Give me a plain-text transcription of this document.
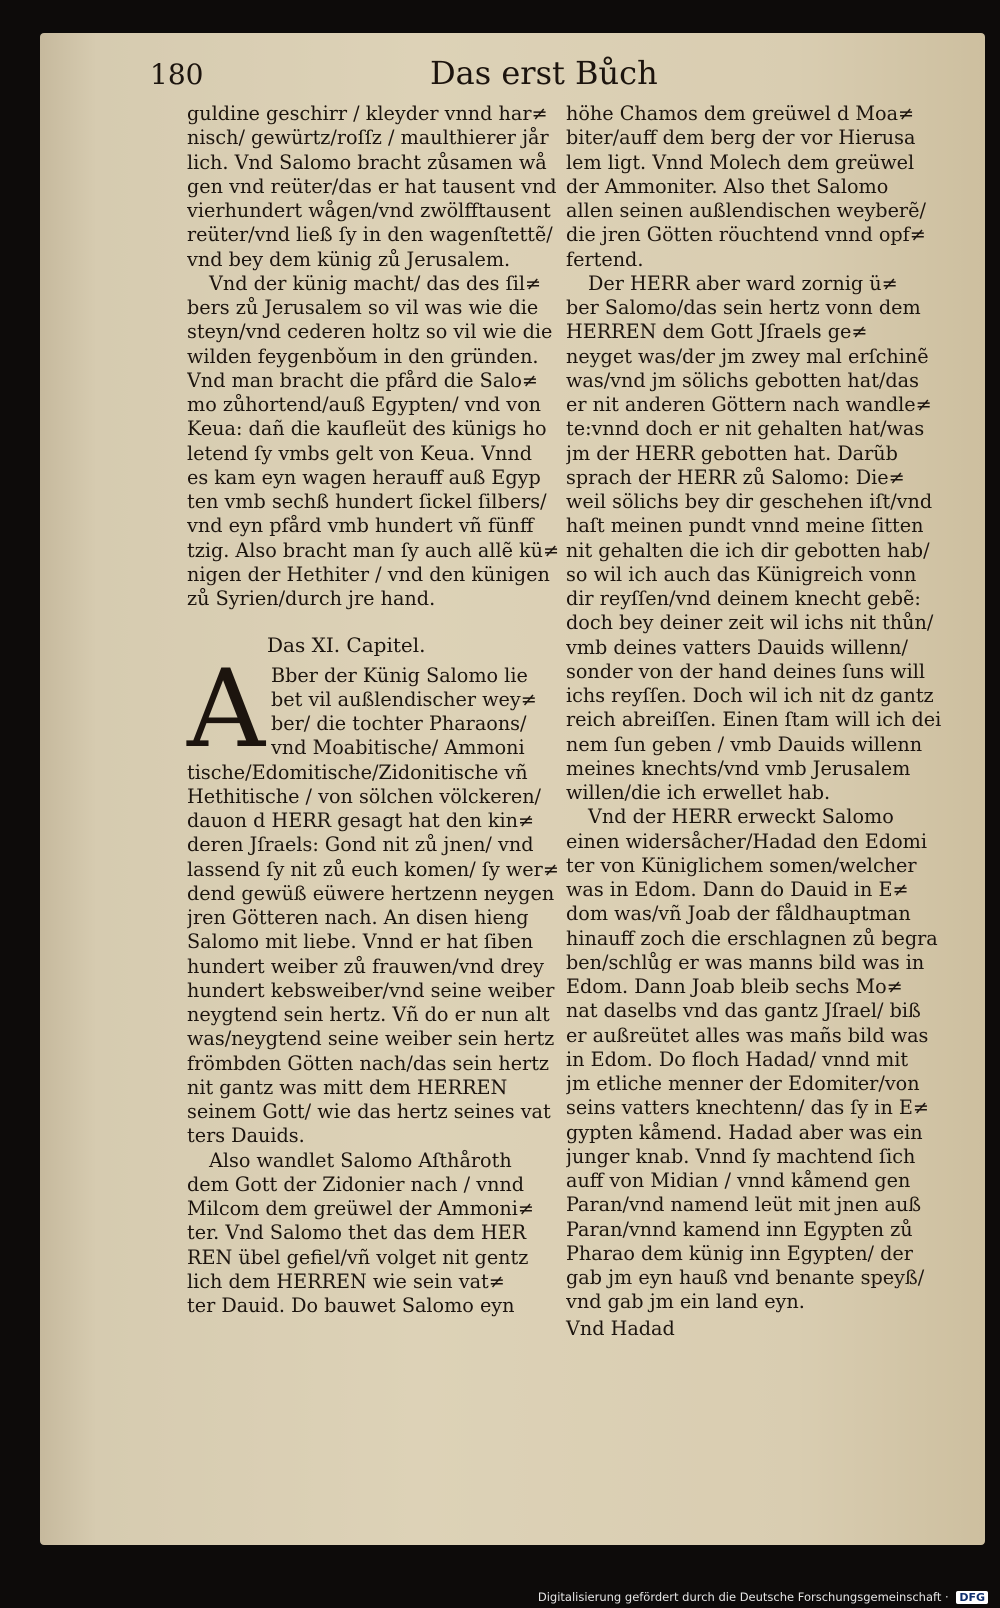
180	Das erst Bůch

guldine geschirr / kleyder vnnd har≠
nisch/ gewürtz/roſſz / maulthierer jår
lich. Vnd Salomo bracht zůsamen wå
gen vnd reüter/das er hat tausent vnd
vierhundert wågen/vnd zwölfftausent
reüter/vnd ließ ſy in den wagenſtettẽ/
vnd bey dem künig zů Jerusalem.

Vnd der künig macht/ das des ſil≠
bers zů Jerusalem so vil was wie die
steyn/vnd cederen holtz so vil wie die
wilden feygenbǒum in den gründen.
Vnd man bracht die pfård die Salo≠
mo zůhortend/auß Egypten/ vnd von
Keua: dañ die kaufleüt des künigs ho
letend ſy vmbs gelt von Keua. Vnnd
es kam eyn wagen herauff auß Egyp
ten vmb sechß hundert ſickel ſilbers/
vnd eyn pfård vmb hundert vñ fünff
tzig. Also bracht man ſy auch allẽ kü≠
nigen der Hethiter / vnd den künigen
zů Syrien/durch jre hand.

Das XI. Capitel.

A Bber der Künig Salomo lie
bet vil außlendischer wey≠
ber/ die tochter Pharaons/
vnd Moabitische/ Ammoni

tische/Edomitische/Zidonitische vñ
Hethitische / von sölchen völckeren/
dauon d HERR gesagt hat den kin≠
deren Jſraels: Gond nit zů jnen/ vnd
lassend ſy nit zů euch komen/ ſy wer≠
dend gewüß eüwere hertzenn neygen
jren Götteren nach. An disen hieng
Salomo mit liebe. Vnnd er hat ſiben
hundert weiber zů frauwen/vnd drey
hundert kebsweiber/vnd seine weiber
neygtend sein hertz. Vñ do er nun alt
was/neygtend seine weiber sein hertz
frömbden Götten nach/das sein hertz
nit gantz was mitt dem HERREN
seinem Gott/ wie das hertz seines vat
ters Dauids.

Also wandlet Salomo Aſthåroth
dem Gott der Zidonier nach / vnnd
Milcom dem greüwel der Ammoni≠
ter. Vnd Salomo thet das dem HER
REN übel gefiel/vñ volget nit gentz
lich dem HERREN wie sein vat≠
ter Dauid. Do bauwet Salomo eyn

höhe Chamos dem greüwel d Moa≠
biter/auff dem berg der vor Hierusa
lem ligt. Vnnd Molech dem greüwel
der Ammoniter. Also thet Salomo
allen seinen außlendischen weyberẽ/
die jren Götten röuchtend vnnd opf≠
fertend.

Der HERR aber ward zornig ü≠
ber Salomo/das sein hertz vonn dem
HERREN dem Gott Jſraels ge≠
neyget was/der jm zwey mal erſchinẽ
was/vnd jm sölichs gebotten hat/das
er nit anderen Göttern nach wandle≠
te:vnnd doch er nit gehalten hat/was
jm der HERR gebotten hat. Darũb
sprach der HERR zů Salomo: Die≠
weil sölichs bey dir geschehen iſt/vnd
haſt meinen pundt vnnd meine ſitten
nit gehalten die ich dir gebotten hab/
so wil ich auch das Künigreich vonn
dir reyſſen/vnd deinem knecht gebẽ:
doch bey deiner zeit wil ichs nit thůn/
vmb deines vatters Dauids willenn/
sonder von der hand deines ſuns will
ichs reyſſen. Doch wil ich nit dz gantz
reich abreiſſen. Einen ſtam will ich dei
nem ſun geben / vmb Dauids willenn
meines knechts/vnd vmb Jerusalem
willen/die ich erwellet hab.

Vnd der HERR erweckt Salomo
einen widersåcher/Hadad den Edomi
ter von Küniglichem somen/welcher
was in Edom. Dann do Dauid in E≠
dom was/vñ Joab der fåldhauptman
hinauff zoch die erschlagnen zů begra
ben/schlůg er was manns bild was in
Edom. Dann Joab bleib sechs Mo≠
nat daselbs vnd das gantz Jſrael/ biß
er außreütet alles was mañs bild was
in Edom. Do floch Hadad/ vnnd mit
jm etliche menner der Edomiter/von
seins vatters knechtenn/ das ſy in E≠
gypten kåmend. Hadad aber was ein
junger knab. Vnnd ſy machtend ſich
auff von Midian / vnnd kåmend gen
Paran/vnd namend leüt mit jnen auß
Paran/vnnd kamend inn Egypten zů
Pharao dem künig inn Egypten/ der
gab jm eyn hauß vnd benante speyß/
vnd gab jm ein land eyn.

Vnd Hadad

Digitalisierung gefördert durch die Deutsche Forschungsgemeinschaft · DFG
